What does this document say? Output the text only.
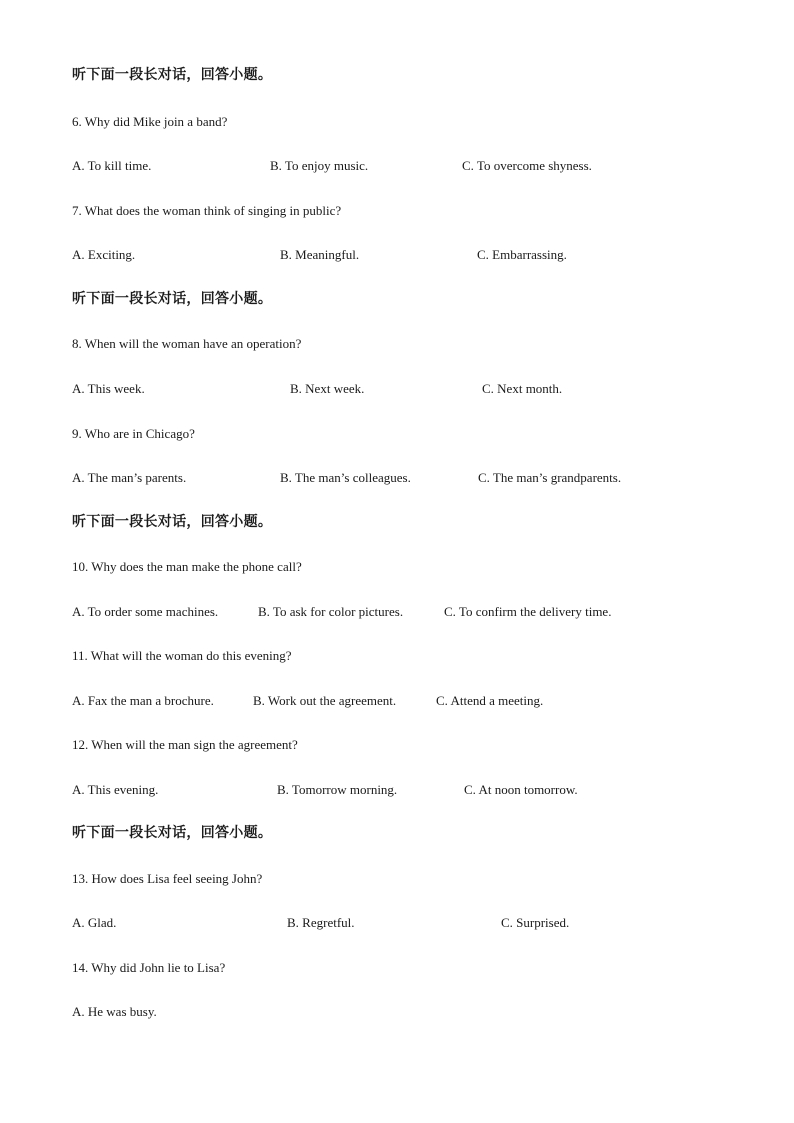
听下面一段长对话，回答小题。
6. Why did Mike join a band?
A. To kill time.	B. To enjoy music.	C. To overcome shyness.
7. What does the woman think of singing in public?
A. Exciting.	B. Meaningful.	C. Embarrassing.
听下面一段长对话，回答小题。
8. When will the woman have an operation?
A. This week.	B. Next week.	C. Next month.
9. Who are in Chicago?
A. The man’s parents.	B. The man’s colleagues.	C. The man’s grandparents.
听下面一段长对话，回答小题。
10. Why does the man make the phone call?
A. To order some machines.	B. To ask for color pictures.	C. To confirm the delivery time.
11. What will the woman do this evening?
A. Fax the man a brochure.	B. Work out the agreement.	C. Attend a meeting.
12. When will the man sign the agreement?
A. This evening.	B. Tomorrow morning.	C. At noon tomorrow.
听下面一段长对话，回答小题。
13. How does Lisa feel seeing John?
A. Glad.	B. Regretful.	C. Surprised.
14. Why did John lie to Lisa?
A. He was busy.
